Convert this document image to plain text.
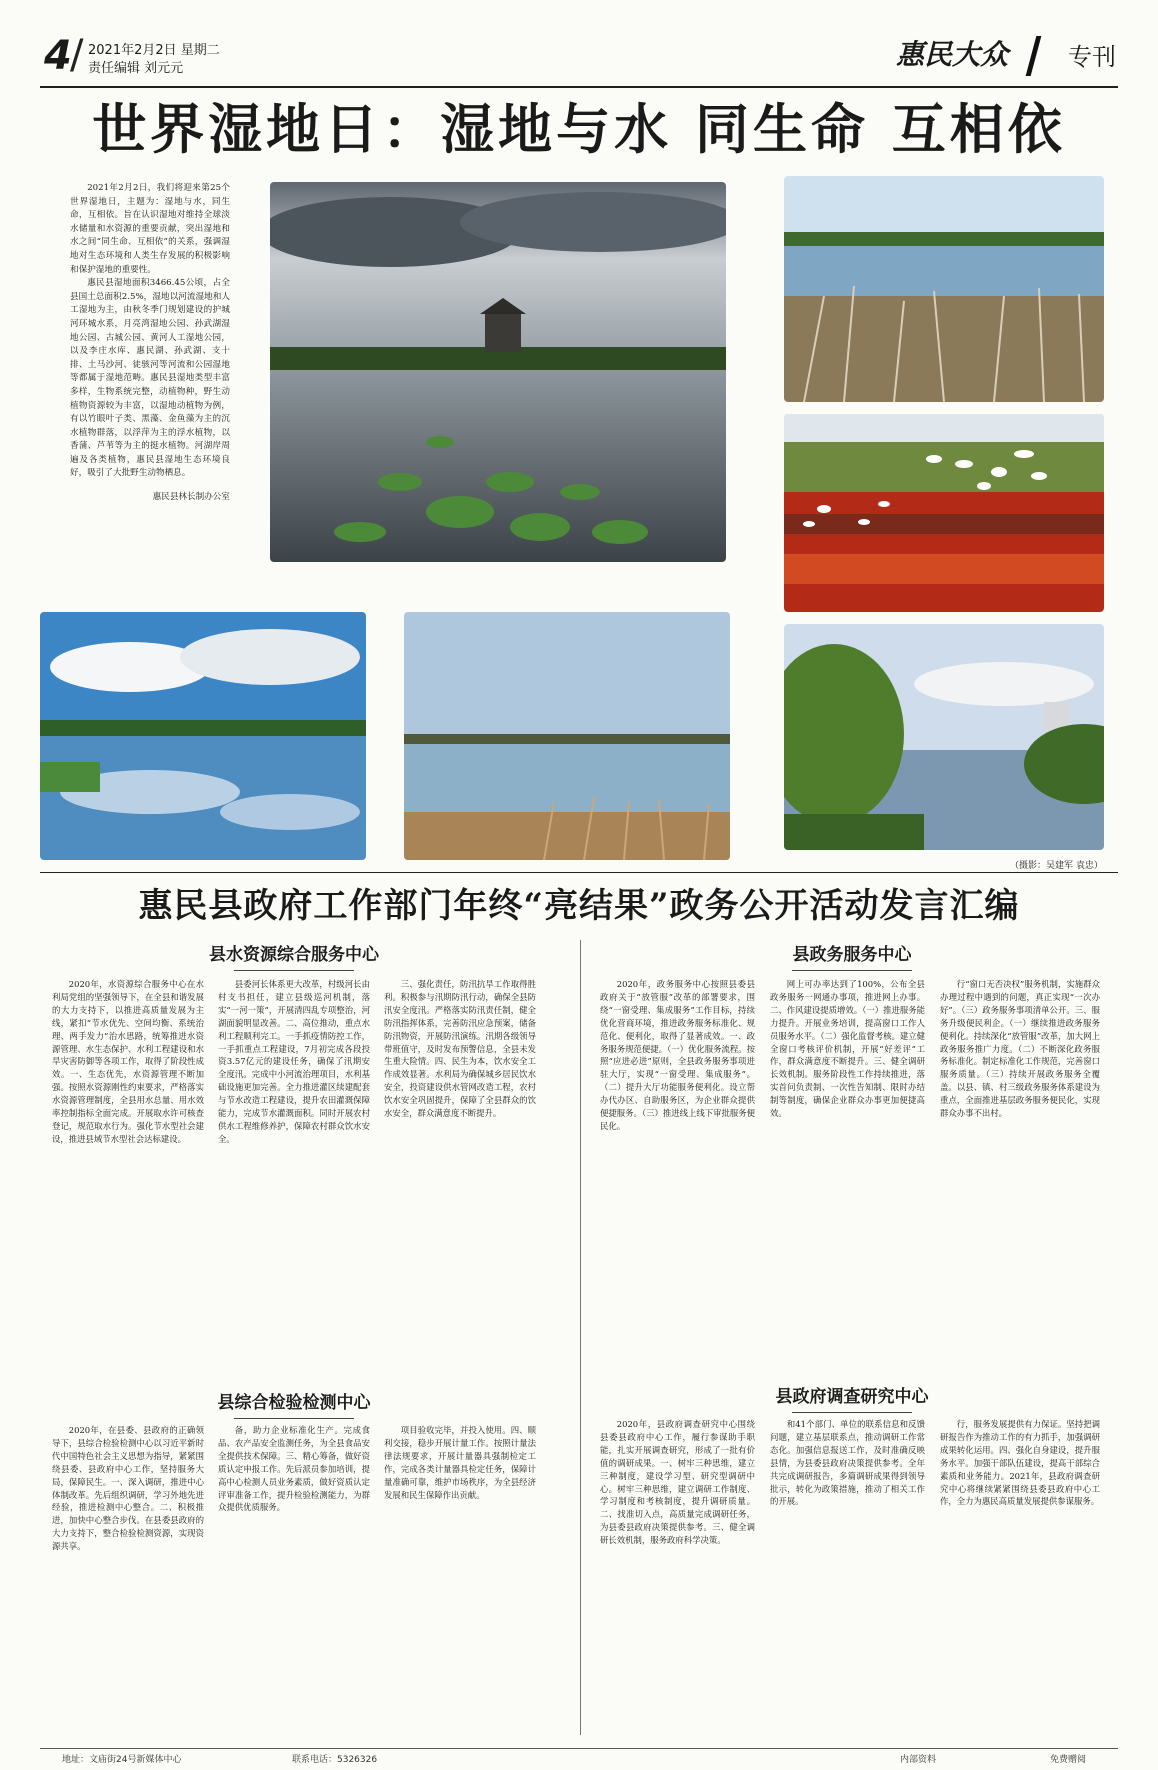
4
/ 2021年2月2日 星期二
责任编辑 刘元元	惠民大众	专刊
世界湿地日：湿地与水 同生命 互相依

2021年2月2日，我们将迎来第25个世界湿地日，主题为：湿地与水，同生命，互相依。旨在认识湿地对维持全球淡水储量和水资源的重要贡献，突出湿地和水之间“同生命、互相依”的关系，强调湿地对生态环境和人类生存发展的积极影响和保护湿地的重要性。

惠民县湿地面积3466.45公顷，占全县国土总面积2.5%，湿地以河流湿地和人工湿地为主，由秋冬季门规划建设的护城河环城水系，月亮湾湿地公园、孙武湖湿地公园、古城公园、黄河人工湿地公园，以及李庄水库、惠民湖、孙武湖、支十排、土马沙河、徒骇河等河流和公园湿地等都属于湿地范畴。惠民县湿地类型丰富多样，生物系统完整，动植物种，野生动植物资源较为丰富，以湿地动植物为例，有以竹眼叶子类、黑藻、金鱼藻为主的沉水植物群落，以浮萍为主的浮水植物，以香蒲、芦苇等为主的挺水植物。河湖岸周遍及各类植物，惠民县湿地生态环境良好，吸引了大批野生动物栖息。

惠民县林长制办公室

（摄影：吴建军 袁忠）
惠民县政府工作部门年终“亮结果”政务公开活动发言汇编
县水资源综合服务中心

2020年，水资源综合服务中心在水利局党组的坚强领导下，在全县和谐发展的大力支持下，以推进高质量发展为主线，紧扣“节水优先、空间均衡、系统治理、两手发力”治水思路，统筹推进水资源管理、水生态保护、水利工程建设和水旱灾害防御等各项工作，取得了阶段性成效。一、生态优先，水资源管理不断加强。按照水资源刚性约束要求，严格落实水资源管理制度，全县用水总量、用水效率控制指标全面完成。开展取水许可核查登记，规范取水行为。强化节水型社会建设，推进县域节水型社会达标建设。

县委河长体系更大改革，村级河长由村支书担任，建立县级巡河机制，落实“一河一策”，开展清四乱专项整治，河湖面貌明显改善。二、高位推动，重点水利工程顺利完工。一手抓疫情防控工作，一手抓重点工程建设，7月初完成各段投资3.57亿元的建设任务，确保了汛期安全度汛。完成中小河流治理项目，水利基础设施更加完善。全力推进灌区续建配套与节水改造工程建设，提升农田灌溉保障能力，完成节水灌溉面积。同时开展农村供水工程维修养护，保障农村群众饮水安全。

三、强化责任，防汛抗旱工作取得胜利。积极参与汛期防汛行动，确保全县防汛安全度汛。严格落实防汛责任制，健全防汛指挥体系，完善防汛应急预案，储备防汛物资，开展防汛演练。汛期各级领导带班值守，及时发布预警信息，全县未发生重大险情。四、民生为本，饮水安全工作成效显著。水利局为确保城乡居民饮水安全，投资建设供水管网改造工程，农村饮水安全巩固提升，保障了全县群众的饮水安全，群众满意度不断提升。

县政务服务中心

2020年，政务服务中心按照县委县政府关于“放管服”改革的部署要求，围绕“一窗受理、集成服务”工作目标，持续优化营商环境，推进政务服务标准化、规范化、便利化，取得了显著成效。一、政务服务规范便捷。（一）优化服务流程。按照“应进必进”原则，全县政务服务事项进驻大厅，实现“一窗受理、集成服务”。（二）提升大厅功能服务便利化。设立帮办代办区、自助服务区，为企业群众提供便捷服务。（三）推进线上线下审批服务便民化。

网上可办率达到了100%，公布全县政务服务一网通办事项，推进网上办事。二、作风建设提质增效。（一）推进服务能力提升。开展业务培训，提高窗口工作人员服务水平。（二）强化监督考核。建立健全窗口考核评价机制，开展“好差评”工作，群众满意度不断提升。三、健全调研长效机制。服务阶段性工作持续推进，落实首问负责制、一次性告知制、限时办结制等制度，确保企业群众办事更加便捷高效。

行“窗口无否决权”服务机制，实施群众办理过程中遇到的问题，真正实现“一次办好”。（三）政务服务事项清单公开。三、服务升级便民利企。（一）继续推进政务服务便利化。持续深化“放管服”改革，加大网上政务服务推广力度。（二）不断深化政务服务标准化。制定标准化工作规范，完善窗口服务质量。（三）持续开展政务服务全覆盖。以县、镇、村三级政务服务体系建设为重点，全面推进基层政务服务便民化，实现群众办事不出村。

县综合检验检测中心

2020年，在县委、县政府的正确领导下，县综合检验检测中心以习近平新时代中国特色社会主义思想为指导，紧紧围绕县委、县政府中心工作，坚持服务大局，保障民生。一、深入调研，推进中心体制改革。先后组织调研，学习外地先进经验，推进检测中心整合。二、积极推进，加快中心整合步伐。在县委县政府的大力支持下，整合检验检测资源，实现资源共享。

备，助力企业标准化生产。完成食品、农产品安全监测任务，为全县食品安全提供技术保障。三、精心筹备，做好资质认定申报工作。先后派员参加培训，提高中心检测人员业务素质，做好资质认定评审准备工作，提升检验检测能力，为群众提供优质服务。

项目验收完毕，并投入使用。四、顺利交接，稳步开展计量工作。按照计量法律法规要求，开展计量器具强制检定工作，完成各类计量器具检定任务，保障计量准确可靠，维护市场秩序，为全县经济发展和民生保障作出贡献。

县政府调查研究中心

2020年，县政府调查研究中心围绕县委县政府中心工作，履行参谋助手职能，扎实开展调查研究，形成了一批有价值的调研成果。一、树牢三种思维，建立三种制度，建设学习型、研究型调研中心。树牢三种思维，建立调研工作制度、学习制度和考核制度，提升调研质量。二、找准切入点，高质量完成调研任务，为县委县政府决策提供参考。三、健全调研长效机制，服务政府科学决策。

和41个部门、单位的联系信息和反馈问题，建立基层联系点，推动调研工作常态化。加强信息报送工作，及时准确反映县情，为县委县政府决策提供参考。全年共完成调研报告，多篇调研成果得到领导批示，转化为政策措施，推动了相关工作的开展。

行，服务发展提供有力保证。坚持把调研报告作为推动工作的有力抓手，加强调研成果转化运用。四、强化自身建设，提升服务水平。加强干部队伍建设，提高干部综合素质和业务能力。2021年，县政府调查研究中心将继续紧紧围绕县委县政府中心工作，全力为惠民高质量发展提供参谋服务。

地址：文庙街24号新媒体中心	联系电话：5326326	内部资料	免费赠阅
